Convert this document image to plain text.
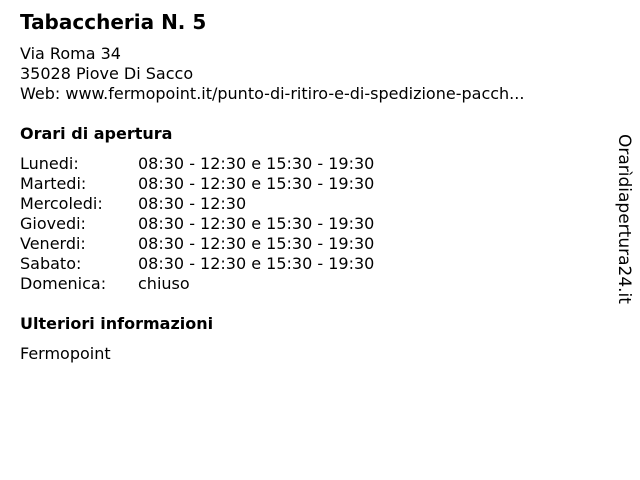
Tabaccheria N. 5
Via Roma 34
35028 Piove Di Sacco
Web: www.fermopoint.it/punto-di-ritiro-e-di-spedizione-pacch...
Orari di apertura
Lunedi:	08:30 - 12:30 e 15:30 - 19:30
Martedi:	08:30 - 12:30 e 15:30 - 19:30
Mercoledi: 08:30 - 12:30
Giovedi:	08:30 - 12:30 e 15:30 - 19:30
Venerdi:	08:30 - 12:30 e 15:30 - 19:30
Sabato:	08:30 - 12:30 e 15:30 - 19:30
Domenica: chiuso
Ulteriori informazioni
Fermopoint
Orarìdiapertura24.it
